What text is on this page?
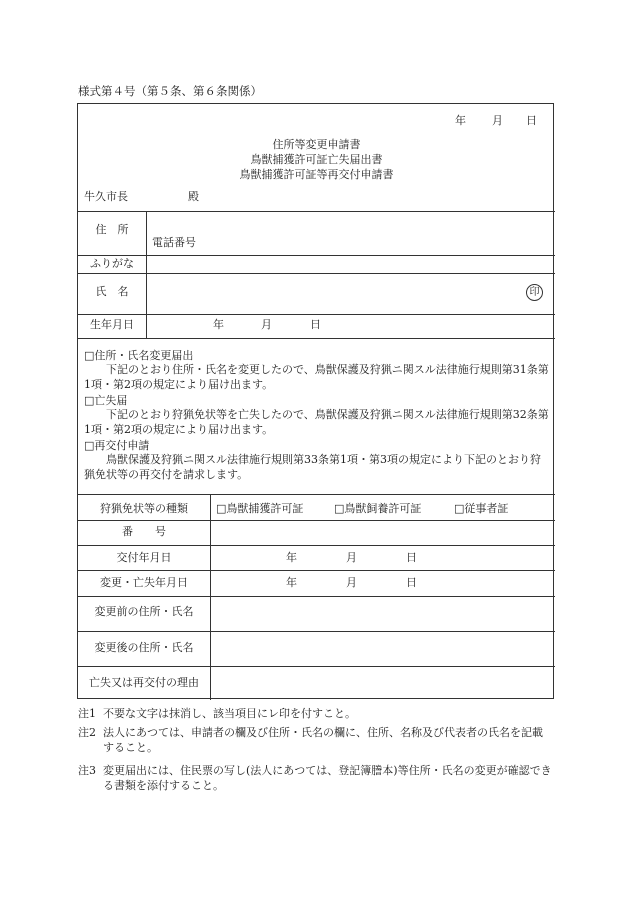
様式第４号（第５条、第６条関係）
年 月 日
住所等変更申請書
鳥獣捕獲許可証亡失届出書
鳥獣捕獲許可証等再交付申請書
牛久市長	殿
住　所
電話番号
ふりがな
氏　名	印
生年月日	年	月	日
□住所・氏名変更届出
下記のとおり住所・氏名を変更したので、鳥獣保護及狩猟ニ関スル法律施行規則第31条第1項・第2項の規定により届け出ます。
□亡失届
下記のとおり狩猟免状等を亡失したので、鳥獣保護及狩猟ニ関スル法律施行規則第32条第1項・第2項の規定により届け出ます。
□再交付申請
鳥獣保護及狩猟ニ関スル法律施行規則第33条第1項・第3項の規定により下記のとおり狩猟免状等の再交付を請求します。
狩猟免状等の種類	□鳥獣捕獲許可証	□鳥獣飼養許可証	□従事者証
番　　号
交付年月日	年	月	日
変更・亡失年月日	年	月	日
変更前の住所・氏名
変更後の住所・氏名
亡失又は再交付の理由
注1 不要な文字は抹消し、該当項目にレ印を付すこと。
注2 法人にあつては、申請者の欄及び住所・氏名の欄に、住所、名称及び代表者の氏名を記載すること。
注3 変更届出には、住民票の写し(法人にあつては、登記簿謄本)等住所・氏名の変更が確認できる書類を添付すること。
